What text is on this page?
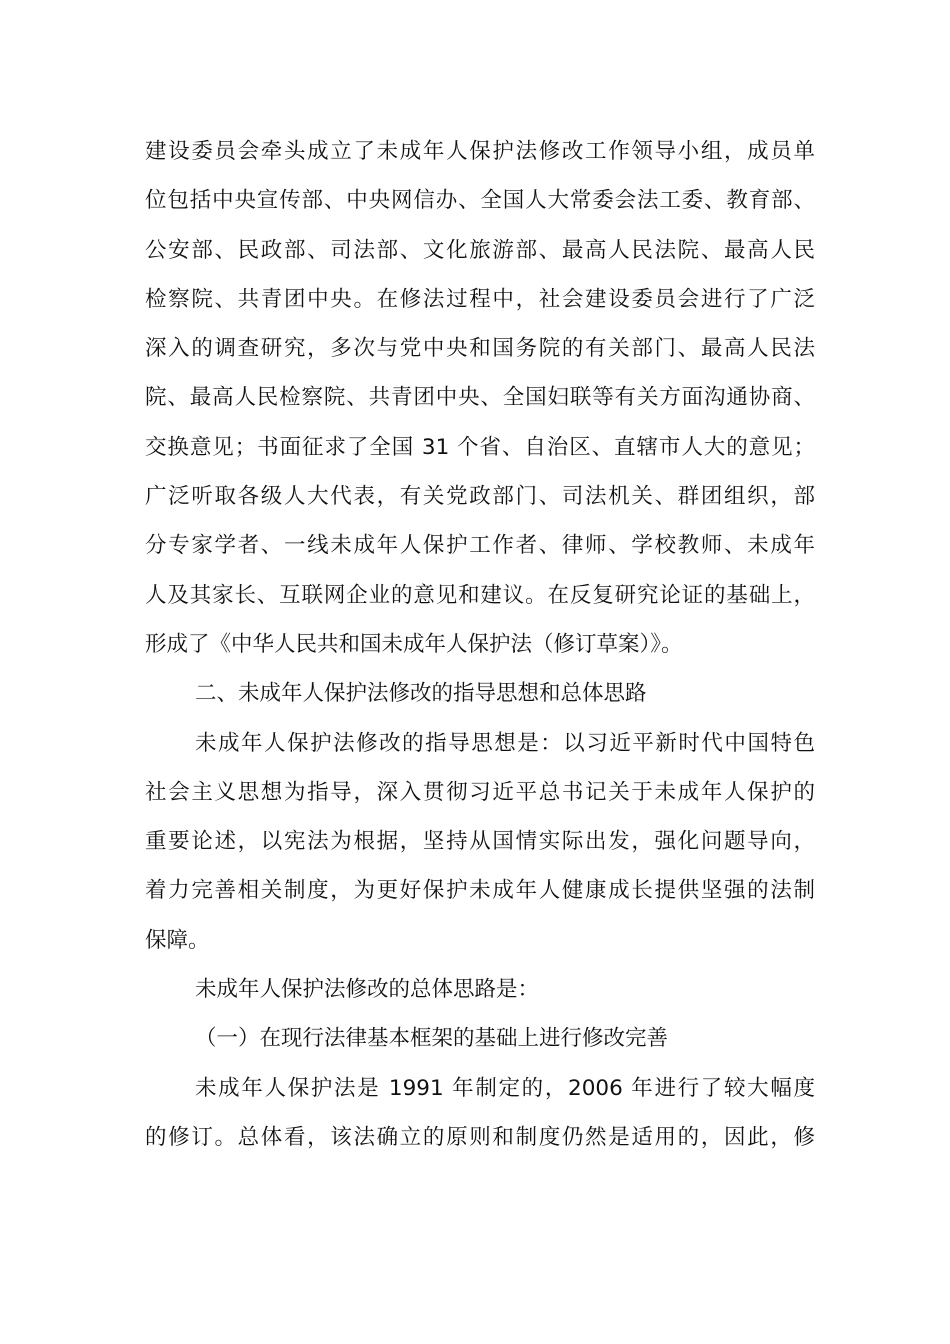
建设委员会牵头成立了未成年人保护法修改工作领导小组，成员单
位包括中央宣传部、中央网信办、全国人大常委会法工委、教育部、
公安部、民政部、司法部、文化旅游部、最高人民法院、最高人民
检察院、共青团中央。在修法过程中，社会建设委员会进行了广泛
深入的调查研究，多次与党中央和国务院的有关部门、最高人民法
院、最高人民检察院、共青团中央、全国妇联等有关方面沟通协商、
交换意见；书面征求了全国 31 个省、自治区、直辖市人大的意见；
广泛听取各级人大代表，有关党政部门、司法机关、群团组织，部
分专家学者、一线未成年人保护工作者、律师、学校教师、未成年
人及其家长、互联网企业的意见和建议。在反复研究论证的基础上，
形成了《中华人民共和国未成年人保护法（修订草案）》。
二、未成年人保护法修改的指导思想和总体思路
未成年人保护法修改的指导思想是：以习近平新时代中国特色
社会主义思想为指导，深入贯彻习近平总书记关于未成年人保护的
重要论述，以宪法为根据，坚持从国情实际出发，强化问题导向，
着力完善相关制度，为更好保护未成年人健康成长提供坚强的法制
保障。
未成年人保护法修改的总体思路是：
（一）在现行法律基本框架的基础上进行修改完善
未成年人保护法是 1991 年制定的，2006 年进行了较大幅度
的修订。总体看，该法确立的原则和制度仍然是适用的，因此，修
